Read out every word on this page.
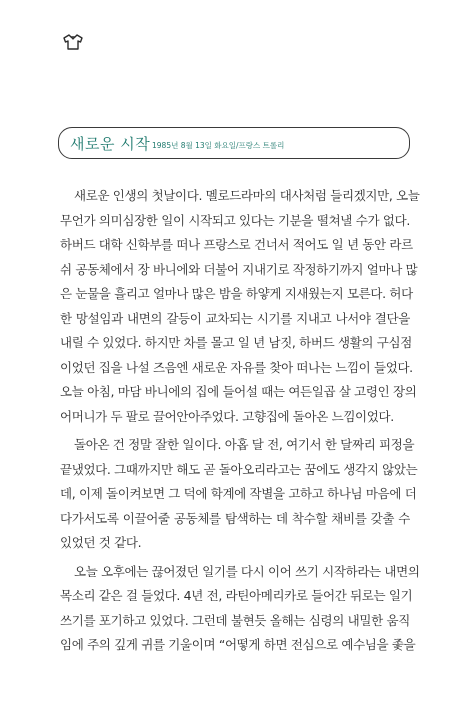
새로운 시작 1985년 8월 13일 화요일/프랑스 트롤리
새로운 인생의 첫날이다. 멜로드라마의 대사처럼 들리겠지만, 오늘
무언가 의미심장한 일이 시작되고 있다는 기분을 떨쳐낼 수가 없다.
하버드 대학 신학부를 떠나 프랑스로 건너서 적어도 일 년 동안 라르
쉬 공동체에서 장 바니에와 더불어 지내기로 작정하기까지 얼마나 많
은 눈물을 흘리고 얼마나 많은 밤을 하얗게 지새웠는지 모른다. 허다
한 망설임과 내면의 갈등이 교차되는 시기를 지내고 나서야 결단을
내릴 수 있었다. 하지만 차를 몰고 일 년 남짓, 하버드 생활의 구심점
이었던 집을 나설 즈음엔 새로운 자유를 찾아 떠나는 느낌이 들었다.
오늘 아침, 마담 바니에의 집에 들어설 때는 여든일곱 살 고령인 장의
어머니가 두 팔로 끌어안아주었다. 고향집에 돌아온 느낌이었다.
돌아온 건 정말 잘한 일이다. 아홉 달 전, 여기서 한 달짜리 피정을
끝냈었다. 그때까지만 해도 곧 돌아오리라고는 꿈에도 생각지 않았는
데, 이제 돌이켜보면 그 덕에 학계에 작별을 고하고 하나님 마음에 더
다가서도록 이끌어줄 공동체를 탐색하는 데 착수할 채비를 갖출 수
있었던 것 같다.
오늘 오후에는 끊어졌던 일기를 다시 이어 쓰기 시작하라는 내면의
목소리 같은 걸 들었다. 4년 전, 라틴아메리카로 들어간 뒤로는 일기
쓰기를 포기하고 있었다. 그런데 불현듯 올해는 심령의 내밀한 움직
임에 주의 깊게 귀를 기울이며 “어떻게 하면 전심으로 예수님을 좇을
